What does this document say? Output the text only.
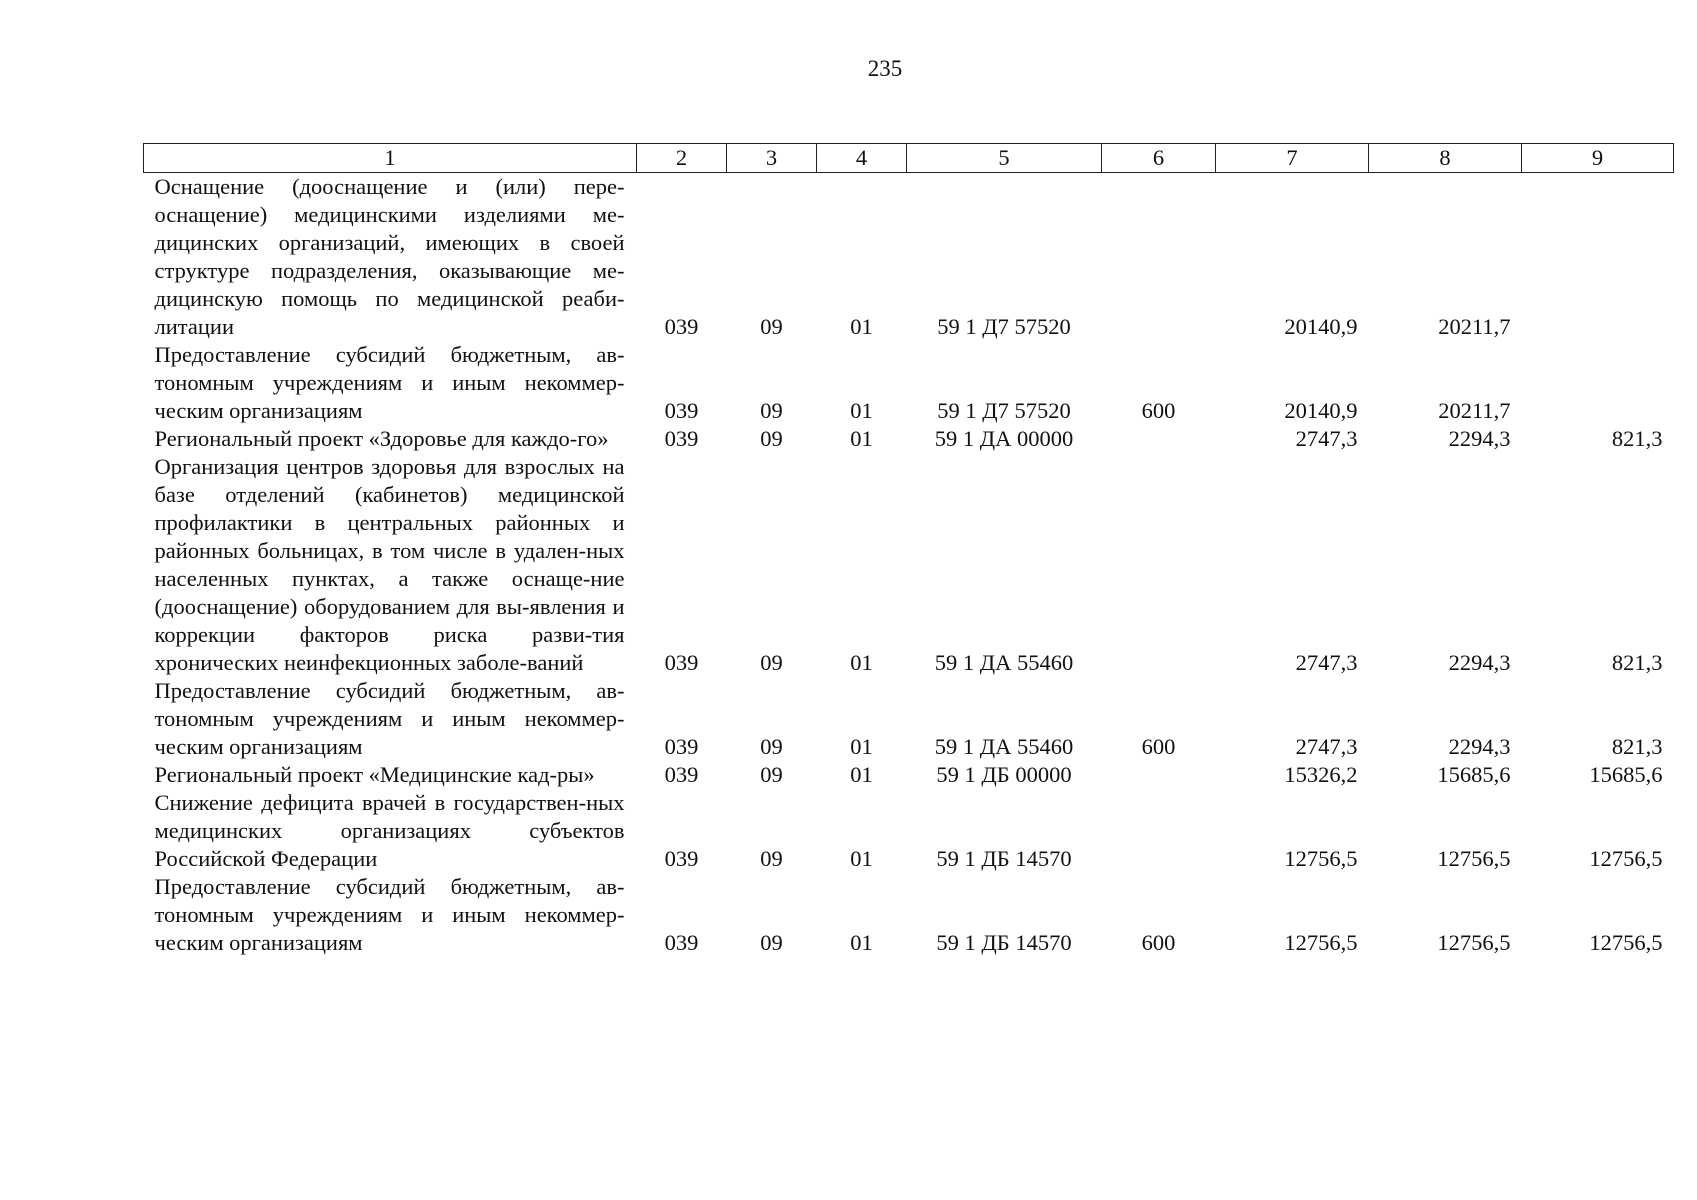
235
1	2	3	4	5	6	7	8	9
Оснащение (дооснащение и (или) пере-оснащение) медицинскими изделиями ме-дицинских организаций, имеющих в своей структуре подразделения, оказывающие ме-дицинскую помощь по медицинской реаби-литации	039	09	01	59 1 Д7 57520		20140,9	20211,7	
Предоставление субсидий бюджетным, ав-тономным учреждениям и иным некоммер-ческим организациям	039	09	01	59 1 Д7 57520	600	20140,9	20211,7	
Региональный проект «Здоровье для каждо-го»	039	09	01	59 1 ДА 00000		2747,3	2294,3	821,3
Организация центров здоровья для взрослых на базе отделений (кабинетов) медицинской профилактики в центральных районных и районных больницах, в том числе в удален-ных населенных пунктах, а также оснаще-ние (дооснащение) оборудованием для вы-явления и коррекции факторов риска разви-тия хронических неинфекционных заболе-ваний	039	09	01	59 1 ДА 55460		2747,3	2294,3	821,3
Предоставление субсидий бюджетным, ав-тономным учреждениям и иным некоммер-ческим организациям	039	09	01	59 1 ДА 55460	600	2747,3	2294,3	821,3
Региональный проект «Медицинские кад-ры»	039	09	01	59 1 ДБ 00000		15326,2	15685,6	15685,6
Снижение дефицита врачей в государствен-ных медицинских организациях субъектов Российской Федерации	039	09	01	59 1 ДБ 14570		12756,5	12756,5	12756,5
Предоставление субсидий бюджетным, ав-тономным учреждениям и иным некоммер-ческим организациям	039	09	01	59 1 ДБ 14570	600	12756,5	12756,5	12756,5
